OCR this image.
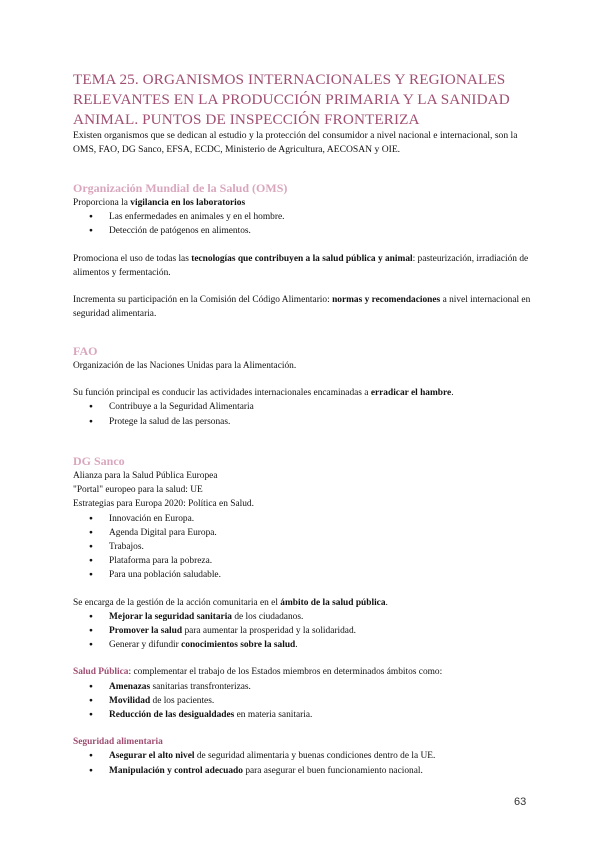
TEMA 25. ORGANISMOS INTERNACIONALES Y REGIONALES RELEVANTES EN LA PRODUCCIÓN PRIMARIA Y LA SANIDAD ANIMAL. PUNTOS DE INSPECCIÓN FRONTERIZA

Existen organismos que se dedican al estudio y la protección del consumidor a nivel nacional e internacional, son la OMS, FAO, DG Sanco, EFSA, ECDC, Ministerio de Agricultura, AECOSAN y OIE.

Organización Mundial de la Salud (OMS)

Proporciona la vigilancia en los laboratorios

● Las enfermedades en animales y en el hombre.
● Detección de patógenos en alimentos.

Promociona el uso de todas las tecnologías que contribuyen a la salud pública y animal: pasteurización, irradiación de alimentos y fermentación.

Incrementa su participación en la Comisión del Código Alimentario: normas y recomendaciones a nivel internacional en seguridad alimentaria.

FAO

Organización de las Naciones Unidas para la Alimentación.

Su función principal es conducir las actividades internacionales encaminadas a erradicar el hambre.

● Contribuye a la Seguridad Alimentaria
● Protege la salud de las personas.
DG Sanco

Alianza para la Salud Pública Europea

"Portal" europeo para la salud: UE

Estrategias para Europa 2020: Política en Salud.

● Innovación en Europa.
● Agenda Digital para Europa.
● Trabajos.
● Plataforma para la pobreza.
● Para una población saludable.

Se encarga de la gestión de la acción comunitaria en el ámbito de la salud pública.

● Mejorar la seguridad sanitaria de los ciudadanos.
● Promover la salud para aumentar la prosperidad y la solidaridad.
● Generar y difundir conocimientos sobre la salud.

Salud Pública: complementar el trabajo de los Estados miembros en determinados ámbitos como:

● Amenazas sanitarias transfronterizas.
● Movilidad de los pacientes.
● Reducción de las desigualdades en materia sanitaria.

Seguridad alimentaria

● Asegurar el alto nivel de seguridad alimentaria y buenas condiciones dentro de la UE.
● Manipulación y control adecuado para asegurar el buen funcionamiento nacional.
63
